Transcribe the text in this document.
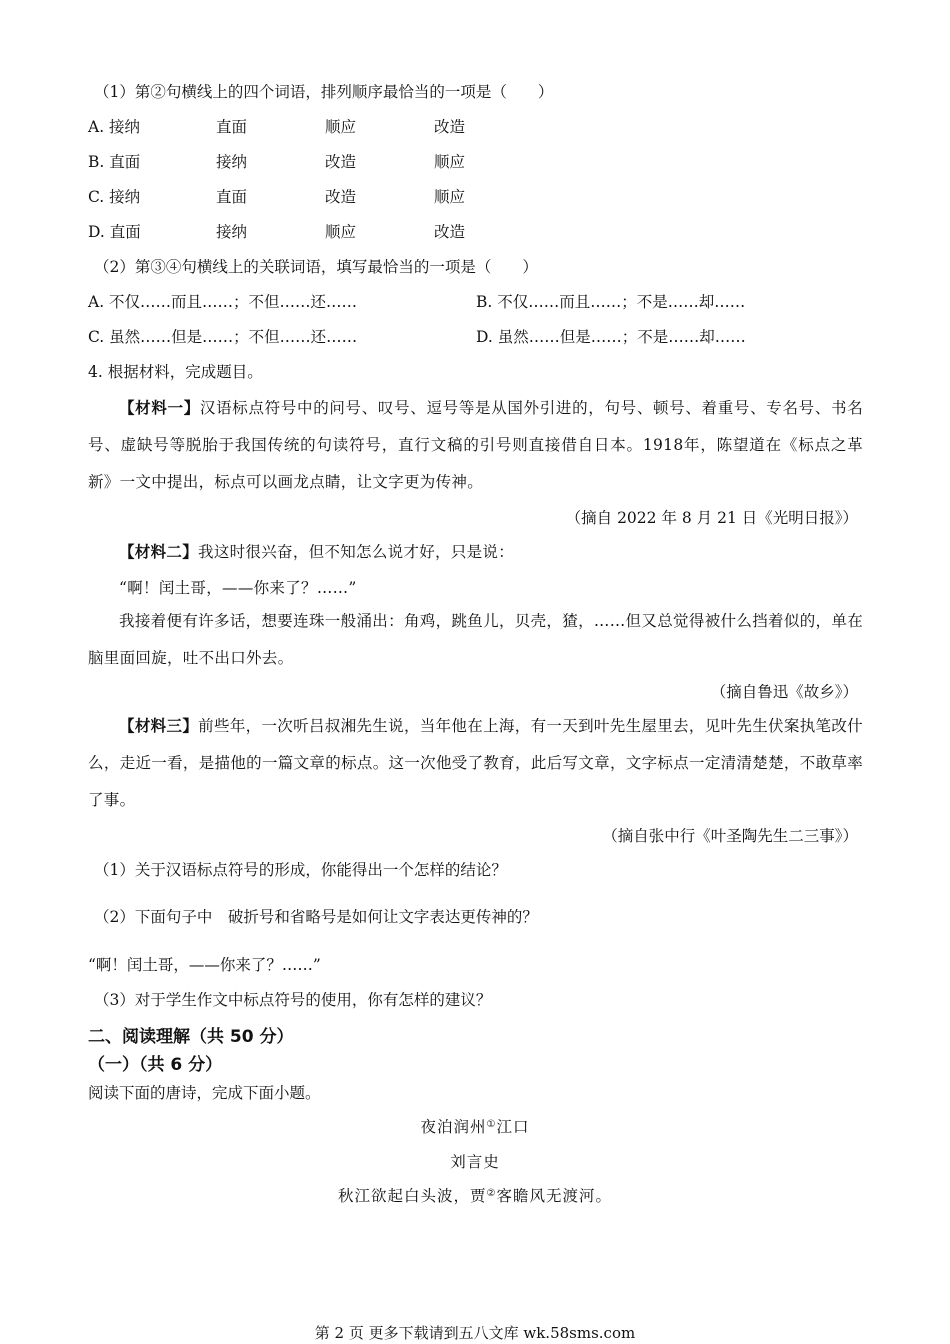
（1）第②句横线上的四个词语，排列顺序最恰当的一项是（　　）
A. 接纳	直面	顺应	改造
B. 直面	接纳	改造	顺应
C. 接纳	直面	改造	顺应
D. 直面	接纳	顺应	改造
（2）第③④句横线上的关联词语，填写最恰当的一项是（　　）
A. 不仅……而且……；不但……还……	B. 不仅……而且……；不是……却……
C. 虽然……但是……；不但……还……	D. 虽然……但是……；不是……却……
4. 根据材料，完成题目。
【材料一】汉语标点符号中的问号、叹号、逗号等是从国外引进的，句号、顿号、着重号、专名号、书名号、虚缺号等脱胎于我国传统的句读符号，直行文稿的引号则直接借自日本。1918年，陈望道在《标点之革新》一文中提出，标点可以画龙点睛，让文字更为传神。
（摘自 2022 年 8 月 21 日《光明日报》）
【材料二】我这时很兴奋，但不知怎么说才好，只是说：
“啊！闰土哥，——你来了？……”
我接着便有许多话，想要连珠一般涌出：角鸡，跳鱼儿，贝壳，猹，……但又总觉得被什么挡着似的，单在脑里面回旋，吐不出口外去。
（摘自鲁迅《故乡》）
【材料三】前些年，一次听吕叔湘先生说，当年他在上海，有一天到叶先生屋里去，见叶先生伏案执笔改什么，走近一看，是描他的一篇文章的标点。这一次他受了教育，此后写文章，文字标点一定清清楚楚，不敢草率了事。
（摘自张中行《叶圣陶先生二三事》）
（1）关于汉语标点符号的形成，你能得出一个怎样的结论？
（2）下面句子中　破折号和省略号是如何让文字表达更传神的？
“啊！闰土哥，——你来了？……”
（3）对于学生作文中标点符号的使用，你有怎样的建议？
二、阅读理解（共 50 分）
（一）（共 6 分）
阅读下面的唐诗，完成下面小题。
夜泊润州①江口
刘言史
秋江欲起白头波，贾②客瞻风无渡河。
第 2 页 更多下载请到五八文库 wk.58sms.com
